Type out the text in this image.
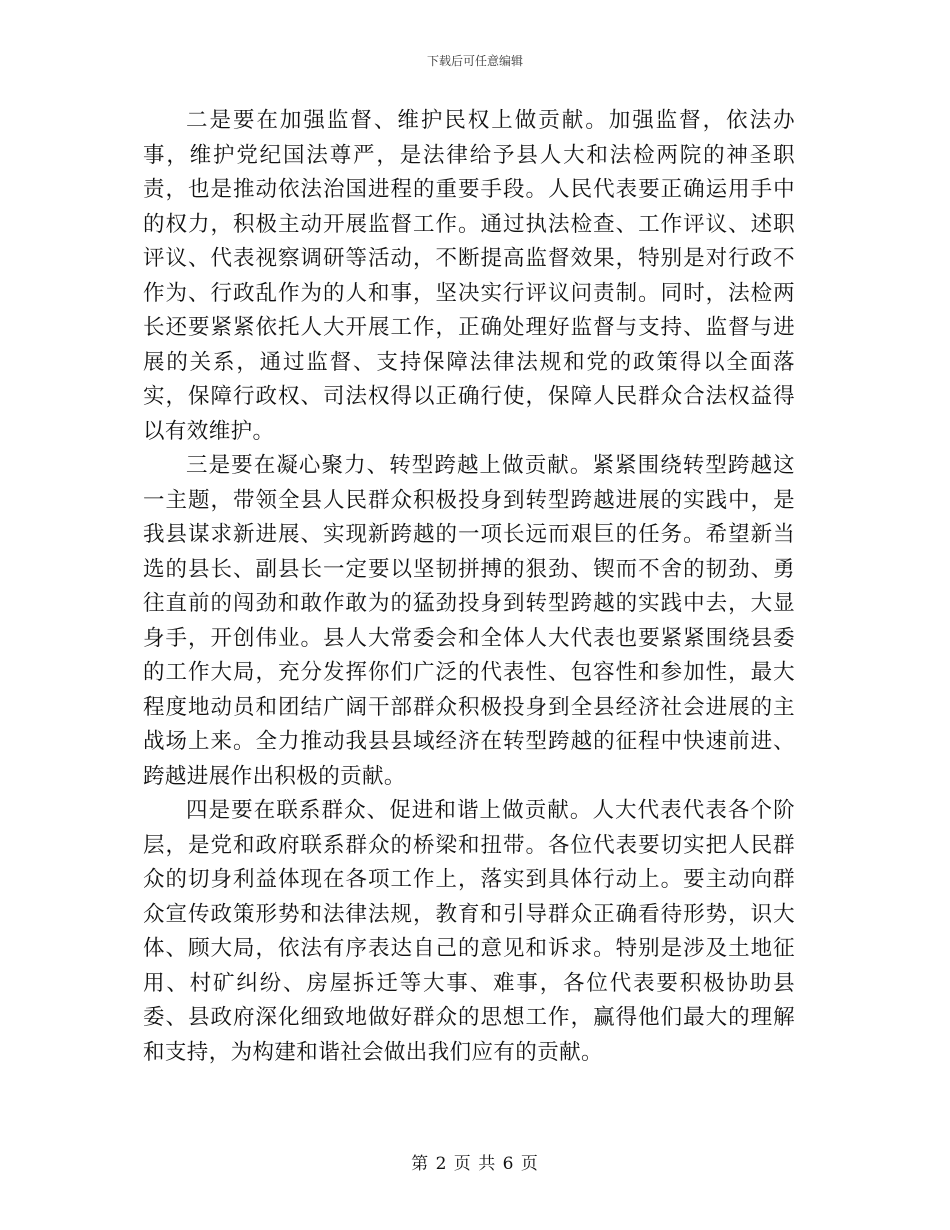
下载后可任意编辑

二是要在加强监督、维护民权上做贡献。加强监督，依法办事，维护党纪国法尊严，是法律给予县人大和法检两院的神圣职责，也是推动依法治国进程的重要手段。人民代表要正确运用手中的权力，积极主动开展监督工作。通过执法检查、工作评议、述职评议、代表视察调研等活动，不断提高监督效果，特别是对行政不作为、行政乱作为的人和事，坚决实行评议问责制。同时，法检两长还要紧紧依托人大开展工作，正确处理好监督与支持、监督与进展的关系，通过监督、支持保障法律法规和党的政策得以全面落实，保障行政权、司法权得以正确行使，保障人民群众合法权益得以有效维护。

三是要在凝心聚力、转型跨越上做贡献。紧紧围绕转型跨越这一主题，带领全县人民群众积极投身到转型跨越进展的实践中，是我县谋求新进展、实现新跨越的一项长远而艰巨的任务。希望新当选的县长、副县长一定要以坚韧拼搏的狠劲、锲而不舍的韧劲、勇往直前的闯劲和敢作敢为的猛劲投身到转型跨越的实践中去，大显身手，开创伟业。县人大常委会和全体人大代表也要紧紧围绕县委的工作大局，充分发挥你们广泛的代表性、包容性和参加性，最大程度地动员和团结广阔干部群众积极投身到全县经济社会进展的主战场上来。全力推动我县县域经济在转型跨越的征程中快速前进、跨越进展作出积极的贡献。

四是要在联系群众、促进和谐上做贡献。人大代表代表各个阶层，是党和政府联系群众的桥梁和扭带。各位代表要切实把人民群众的切身利益体现在各项工作上，落实到具体行动上。要主动向群众宣传政策形势和法律法规，教育和引导群众正确看待形势，识大体、顾大局，依法有序表达自己的意见和诉求。特别是涉及土地征用、村矿纠纷、房屋拆迁等大事、难事，各位代表要积极协助县委、县政府深化细致地做好群众的思想工作，赢得他们最大的理解和支持，为构建和谐社会做出我们应有的贡献。

第 2 页 共 6 页
